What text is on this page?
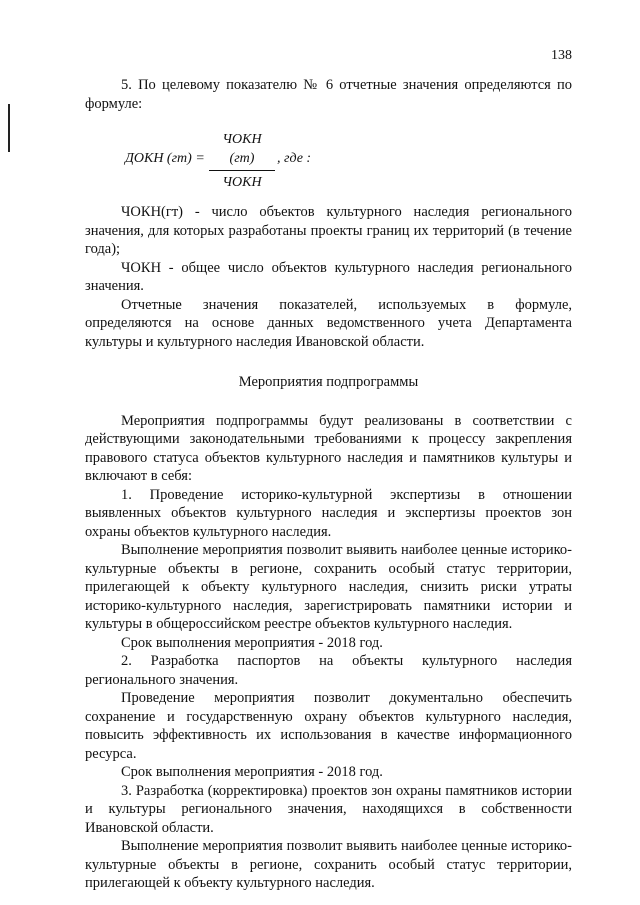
138

5. По целевому показателю № 6 отчетные значения определяются по формуле:

ДОКН (гт) =
ЧОКН (гт)
ЧОКН
, где :

ЧОКН(гт) - число объектов культурного наследия регионального значения, для которых разработаны проекты границ их территорий (в течение года);

ЧОКН - общее число объектов культурного наследия регионального значения.

Отчетные значения показателей, используемых в формуле, определяются на основе данных ведомственного учета Департамента культуры и культурного наследия Ивановской области.

Мероприятия подпрограммы

Мероприятия подпрограммы будут реализованы в соответствии с действующими законодательными требованиями к процессу закрепления правового статуса объектов культурного наследия и памятников культуры и включают в себя:

1. Проведение историко-культурной экспертизы в отношении выявленных объектов культурного наследия и экспертизы проектов зон охраны объектов культурного наследия.

Выполнение мероприятия позволит выявить наиболее ценные историко-культурные объекты в регионе, сохранить особый статус территории, прилегающей к объекту культурного наследия, снизить риски утраты историко-культурного наследия, зарегистрировать памятники истории и культуры в общероссийском реестре объектов культурного наследия.

Срок выполнения мероприятия - 2018 год.

2. Разработка паспортов на объекты культурного наследия регионального значения.

Проведение мероприятия позволит документально обеспечить сохранение и государственную охрану объектов культурного наследия, повысить эффективность их использования в качестве информационного ресурса.

Срок выполнения мероприятия - 2018 год.

3. Разработка (корректировка) проектов зон охраны памятников истории и культуры регионального значения, находящихся в собственности Ивановской области.

Выполнение мероприятия позволит выявить наиболее ценные историко-культурные объекты в регионе, сохранить особый статус территории, прилегающей к объекту культурного наследия.
